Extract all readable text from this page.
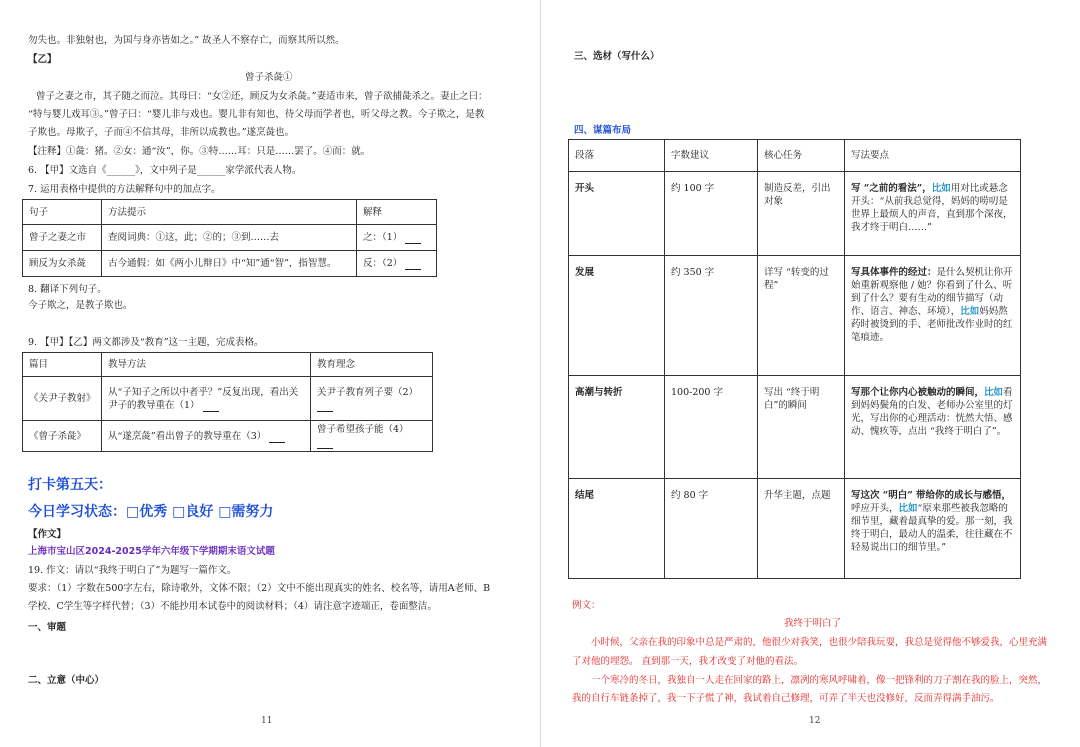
勿失也。非独射也，为国与身亦皆如之。” 故圣人不察存亡，而察其所以然。
【乙】
曾子杀彘①
曾子之妻之市，其子随之而泣。其母曰：“女②还，顾反为女杀彘。”妻适市来，曾子欲捕彘杀之。妻止之曰：
“特与婴儿戏耳③。”曾子曰：“婴儿非与戏也。婴儿非有知也，待父母而学者也，听父母之教。今子欺之，是教
子欺也。母欺子，子而④不信其母，非所以成教也。”遂烹彘也。
【注释】①彘：猪。②女：通“汝”，你。③特……耳：只是……罢了。④而：就。
6. 【甲】文选自《______》，文中列子是______家学派代表人物。
7. 运用表格中提供的方法解释句中的加点字。
句子	方法提示	解释
曾子之妻之市	查阅词典：①这，此；②的；③到……去	之：（1）
顾反为女杀彘	古今通假：如《两小儿辩日》中“知”通“智”，指智慧。	反：（2）
8. 翻译下列句子。
今子欺之，是教子欺也。
9. 【甲】【乙】两文都涉及“教育”这一主题，完成表格。
篇目	教导方法	教育理念
《关尹子教射》	从“子知子之所以中者乎？”反复出现，看出关尹子的教导重在（1）	关尹子教育列子要（2）
《曾子杀彘》	从“遂烹彘”看出曾子的教导重在（3）	曾子希望孩子能（4）
打卡第五天：
今日学习状态：□优秀 □良好 □需努力
【作文】
上海市宝山区2024-2025学年六年级下学期期末语文试题
19. 作文：请以“我终于明白了”为题写一篇作文。
要求：（1）字数在500字左右，除诗歌外，文体不限；（2）文中不能出现真实的姓名、校名等，请用A老师、B
学校、C学生等字样代替；（3）不能抄用本试卷中的阅读材料；（4）请注意字迹端正，卷面整洁。
一、审题
二、立意（中心）
11
三、选材（写什么）
四、谋篇布局
段落	字数建议	核心任务	写法要点
开头	约 100 字	制造反差，引出对象	写 “之前的看法”，比如用对比或悬念开头：“从前我总觉得，妈妈的唠叨是世界上最烦人的声音，直到那个深夜，我才终于明白……”
发展	约 350 字	详写 “转变的过程”	写具体事件的经过：是什么契机让你开始重新观察他 / 她？你看到了什么、听到了什么？要有生动的细节描写（动作、语言、神态、环境），比如妈妈熬药时被烫到的手、老师批改作业时的红笔痕迹。
高潮与转折	100-200 字	写出 “终于明白”的瞬间	写那个让你内心被触动的瞬间，比如看到妈妈鬓角的白发、老师办公室里的灯光，写出你的心理活动：恍然大悟、感动、愧疚等，点出 “我终于明白了”。
结尾	约 80 字	升华主题，点题	写这次 “明白” 带给你的成长与感悟，呼应开头，比如“原来那些被我忽略的细节里，藏着最真挚的爱。那一刻，我终于明白，最动人的温柔，往往藏在不轻易说出口的细节里。”
例文：
我终于明白了
小时候，父亲在我的印象中总是严肃的，他很少对我笑，也很少陪我玩耍，我总是觉得他不够爱我，心里充满
了对他的埋怨。 直到那一天，我才改变了对他的看法。
一个寒冷的冬日，我独自一人走在回家的路上，凛冽的寒风呼啸着，像一把锋利的刀子割在我的脸上，突然，
我的自行车链条掉了，我一下子慌了神，我试着自己修理，可弄了半天也没修好，反而弄得满手油污。
12
